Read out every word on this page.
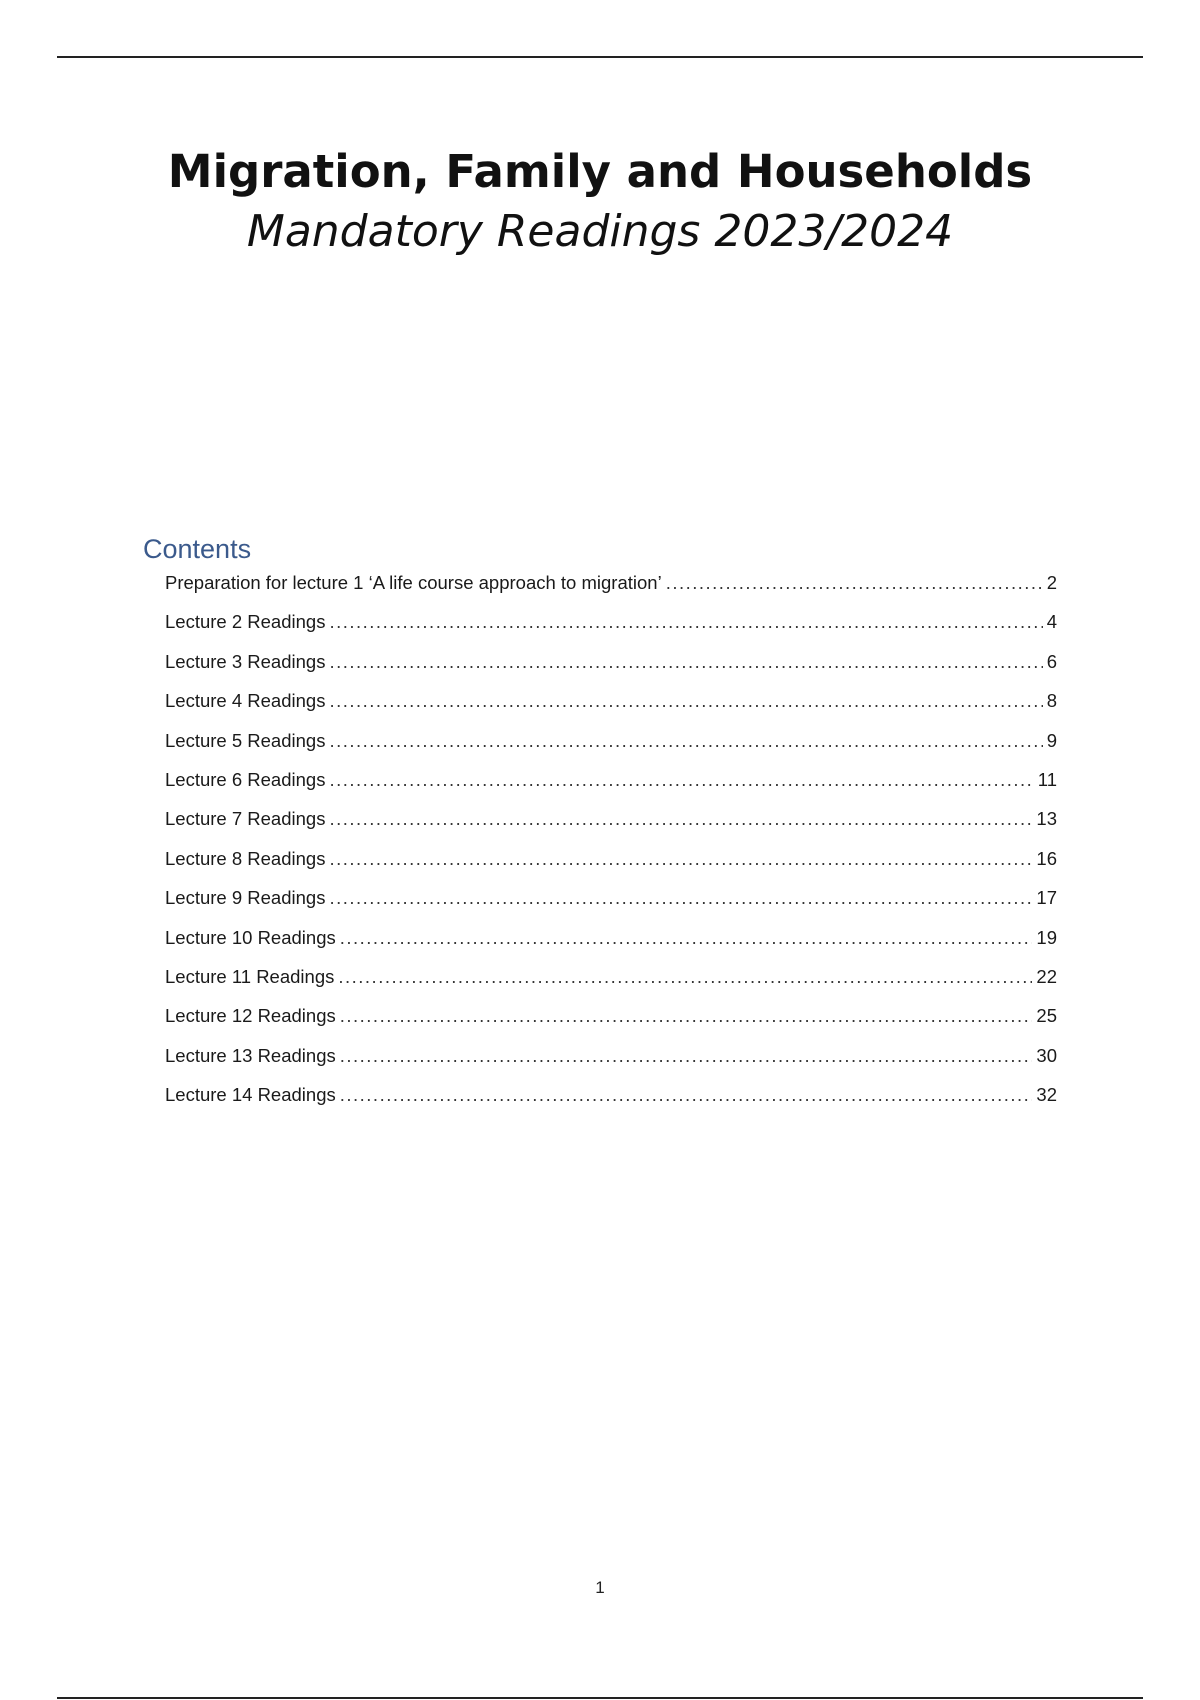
Migration, Family and Households
Mandatory Readings 2023/2024
Contents
Preparation for lecture 1 ‘A life course approach to migration’ .....	2
Lecture 2 Readings .....	4
Lecture 3 Readings .....	6
Lecture 4 Readings .....	8
Lecture 5 Readings .....	9
Lecture 6 Readings .....	11
Lecture 7 Readings .....	13
Lecture 8 Readings .....	16
Lecture 9 Readings .....	17
Lecture 10 Readings .....	19
Lecture 11 Readings .....	22
Lecture 12 Readings .....	25
Lecture 13 Readings .....	30
Lecture 14 Readings .....	32
1
